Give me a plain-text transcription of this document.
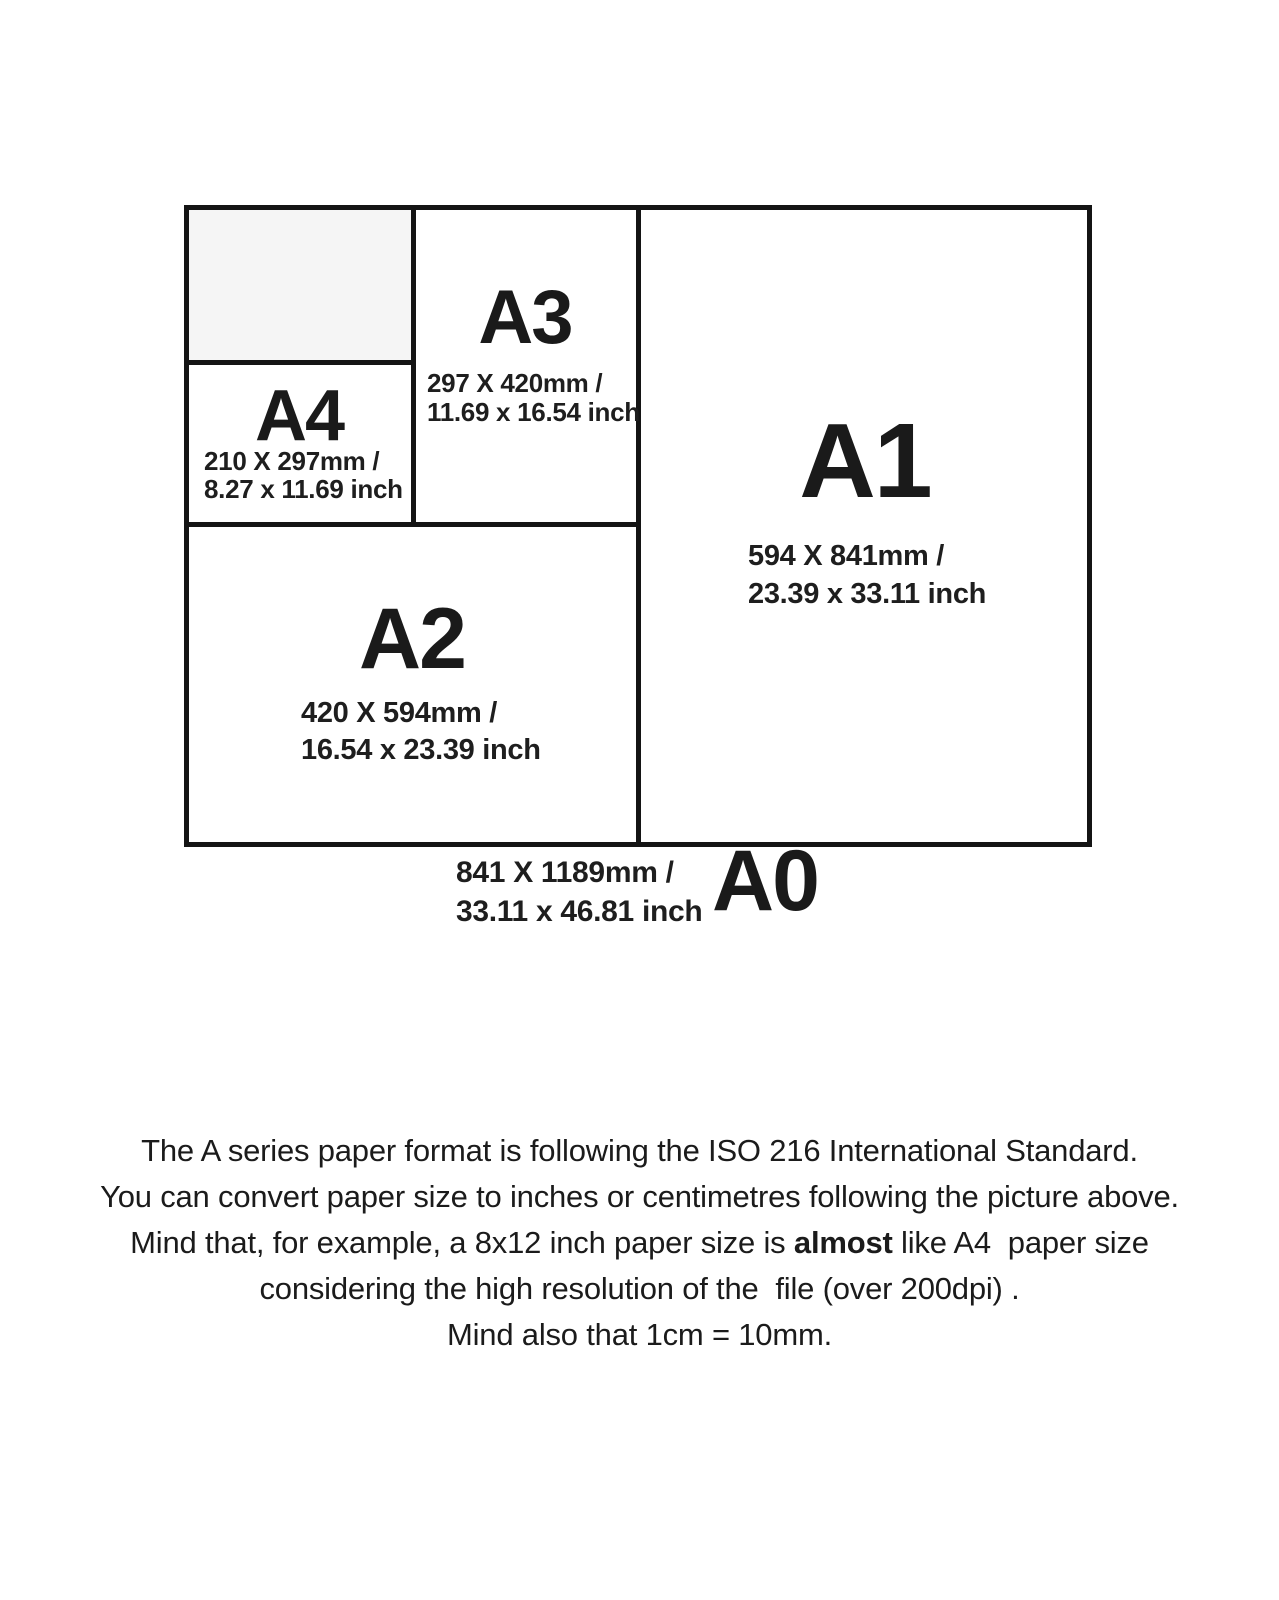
A4
210 X 297mm /
8.27 x 11.69 inch
A3
297 X 420mm /
11.69 x 16.54 inch
A2
420 X 594mm /
16.54 x 23.39 inch
A1
594 X 841mm /
23.39 x 33.11 inch
841 X 1189mm /
33.11 x 46.81 inch A0
The A series paper format is following the ISO 216 International Standard.
You can convert paper size to inches or centimetres following the picture above.
Mind that, for example, a 8x12 inch paper size is almost like A4  paper size
considering the high resolution of the  file (over 200dpi) .
Mind also that 1cm = 10mm.
